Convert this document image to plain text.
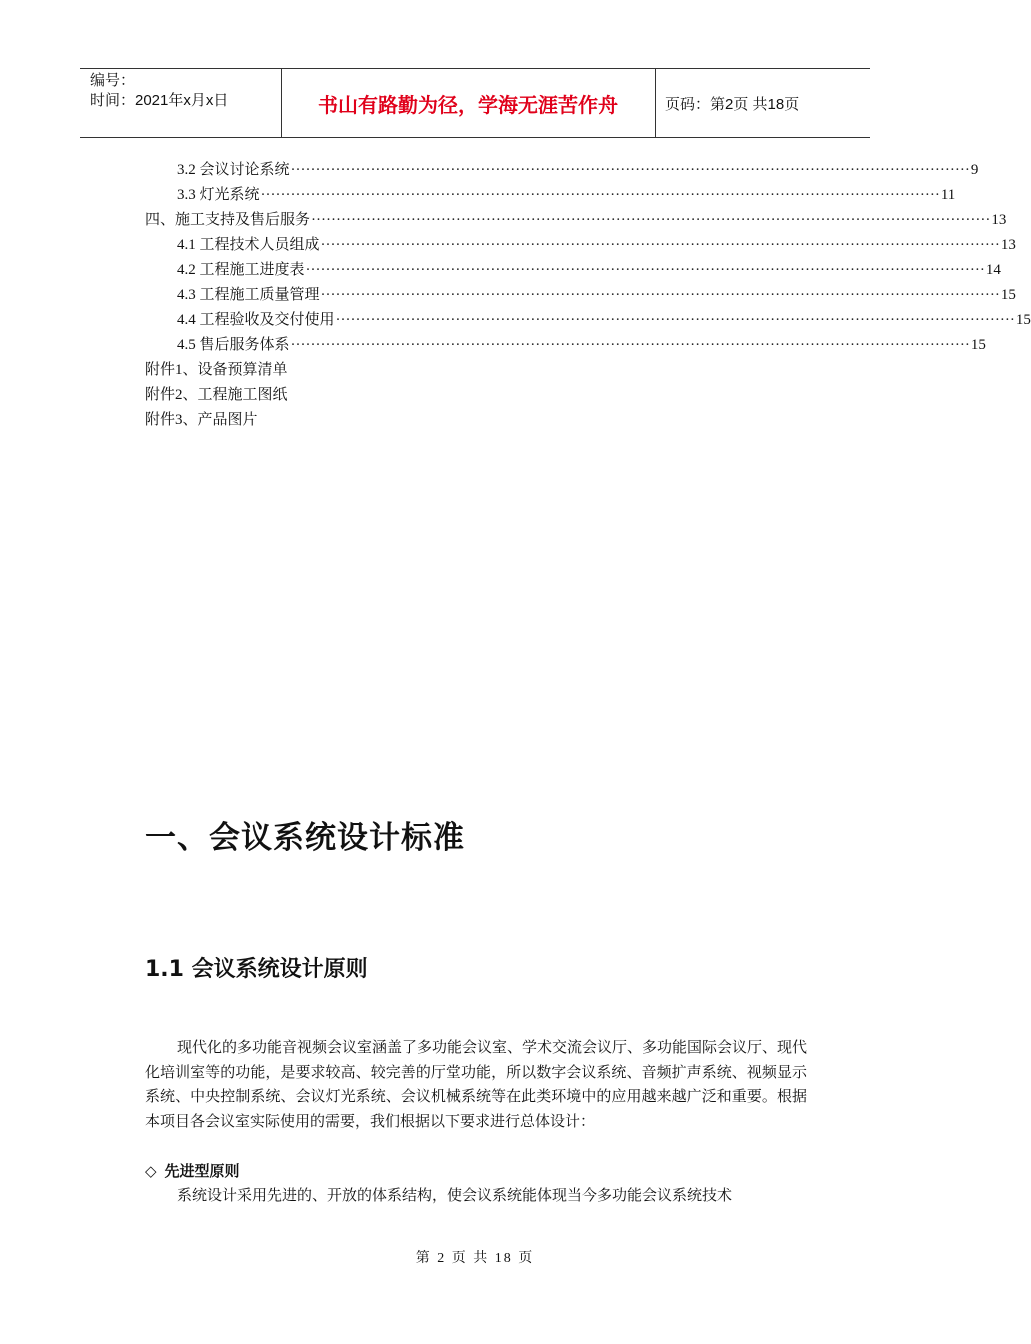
编号：
时间：2021年x月x日	书山有路勤为径，学海无涯苦作舟	页码：第2页 共18页
3.2 会议讨论系统 ········································································································································ 9
3.3 灯光系统 ········································································································································ 11
四、施工支持及售后服务 ········································································································································ 13
4.1 工程技术人员组成 ········································································································································ 13
4.2 工程施工进度表 ········································································································································ 14
4.3 工程施工质量管理 ········································································································································ 15
4.4 工程验收及交付使用 ········································································································································ 15
4.5 售后服务体系 ········································································································································ 15
附件1、设备预算清单
附件2、工程施工图纸
附件3、产品图片
一、会议系统设计标准
1.1 会议系统设计原则
现代化的多功能音视频会议室涵盖了多功能会议室、学术交流会议厅、多功能国际会议厅、现代化培训室等的功能，是要求较高、较完善的厅堂功能，所以数字会议系统、音频扩声系统、视频显示系统、中央控制系统、会议灯光系统、会议机械系统等在此类环境中的应用越来越广泛和重要。根据本项目各会议室实际使用的需要，我们根据以下要求进行总体设计：
◇ 先进型原则
系统设计采用先进的、开放的体系结构，使会议系统能体现当今多功能会议系统技术
第 2 页 共 18 页
